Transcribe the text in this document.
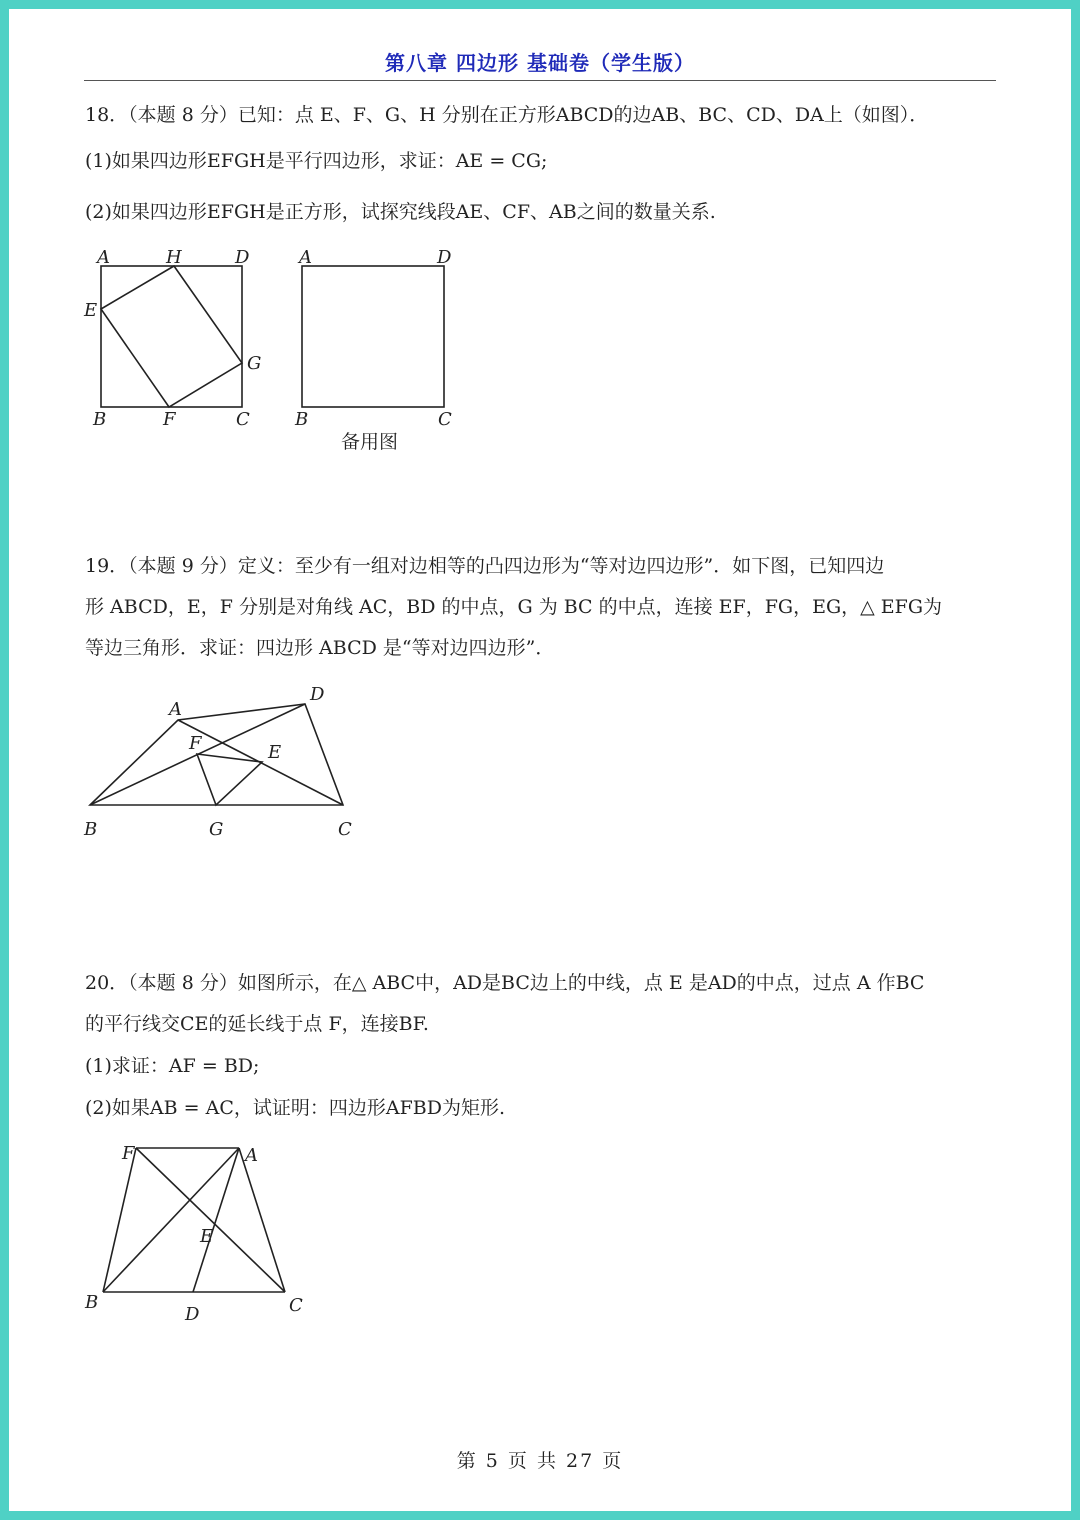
第八章 四边形 基础卷（学生版）
18．（本题 8 分）已知：点 E、F、G、H 分别在正方形ABCD的边AB、BC、CD、DA上（如图）．
(1)如果四边形EFGH是平行四边形，求证：AE = CG;
(2)如果四边形EFGH是正方形，试探究线段AE、CF、AB之间的数量关系.
A	H	D
E
G
B	F	C
A	D
B	C
备用图
19．（本题 9 分）定义：至少有一组对边相等的凸四边形为“等对边四边形”．如下图，已知四边
形 ABCD，E，F 分别是对角线 AC，BD 的中点，G 为 BC 的中点，连接 EF，FG，EG，△ EFG为
等边三角形．求证：四边形 ABCD 是“等对边四边形”．
A
D
F	E
B	G	C
20．（本题 8 分）如图所示，在△ ABC中，AD是BC边上的中线，点 E 是AD的中点，过点 A 作BC
的平行线交CE的延长线于点 F，连接BF.
(1)求证：AF = BD;
(2)如果AB = AC，试证明：四边形AFBD为矩形.
F	A
E
B
D	C
第 5 页 共 27 页
